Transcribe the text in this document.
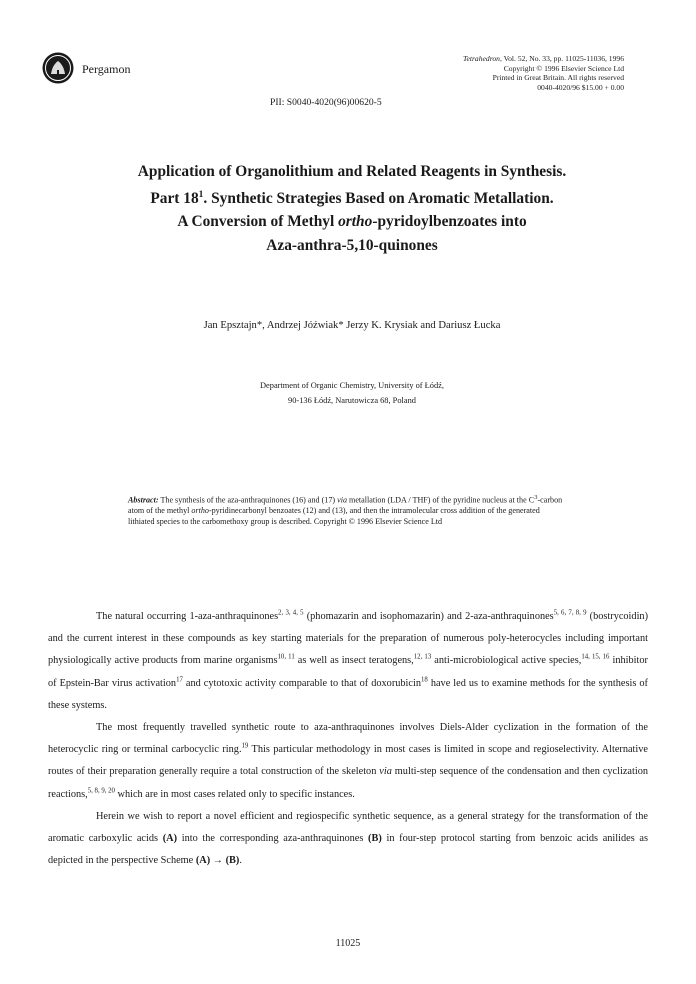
Pergamon
Tetrahedron, Vol. 52, No. 33, pp. 11025-11036, 1996
Copyright © 1996 Elsevier Science Ltd
Printed in Great Britain. All rights reserved
0040-4020/96 $15.00 + 0.00
PII: S0040-4020(96)00620-5
Application of Organolithium and Related Reagents in Synthesis.
Part $18^1$. Synthetic Strategies Based on Aromatic Metallation.
A Conversion of Methyl ortho-pyridoylbenzoates into
Aza-anthra-5,10-quinones
Jan Epsztajn*, Andrzej Jóźwiak* Jerzy K. Krysiak and Dariusz Łucka
Department of Organic Chemistry, University of Łódź,
90-136 Łódź, Narutowicza 68, Poland
Abstract: The synthesis of the aza-anthraquinones (16) and (17) via metallation (LDA / THF) of the pyridine nucleus at the $C^3$-carbon atom of the methyl ortho-pyridinecarbonyl benzoates (12) and (13), and then the intramolecular cross addition of the generated lithiated species to the carbomethoxy group is described. Copyright © 1996 Elsevier Science Ltd

The natural occurring 1-aza-anthraquinones$^{2, 3, 4, 5}$ (phomazarin and isophomazarin) and 2-aza-anthraquinones$^{5, 6, 7, 8, 9}$ (bostrycoidin) and the current interest in these compounds as key starting materials for the preparation of numerous poly-heterocycles including important physiologically active products from marine organisms$^{10, 11}$ as well as insect teratogens,$^{12, 13}$ anti-microbiological active species,$^{14, 15, 16}$ inhibitor of Epstein-Bar virus activation$^{17}$ and cytotoxic activity comparable to that of doxorubicin$^{18}$ have led us to examine methods for the synthesis of these systems.

The most frequently travelled synthetic route to aza-anthraquinones involves Diels-Alder cyclization in the formation of the heterocyclic ring or terminal carbocyclic ring.$^{19}$ This particular methodology in most cases is limited in scope and regioselectivity. Alternative routes of their preparation generally require a total construction of the skeleton via multi-step sequence of the condensation and then cyclization reactions,$^{5, 8, 9, 20}$ which are in most cases related only to specific instances.

Herein we wish to report a novel efficient and regiospecific synthetic sequence, as a general strategy for the transformation of the aromatic carboxylic acids (A) into the corresponding aza-anthraquinones (B) in four-step protocol starting from benzoic acids anilides as depicted in the perspective Scheme (A) → (B).

11025
